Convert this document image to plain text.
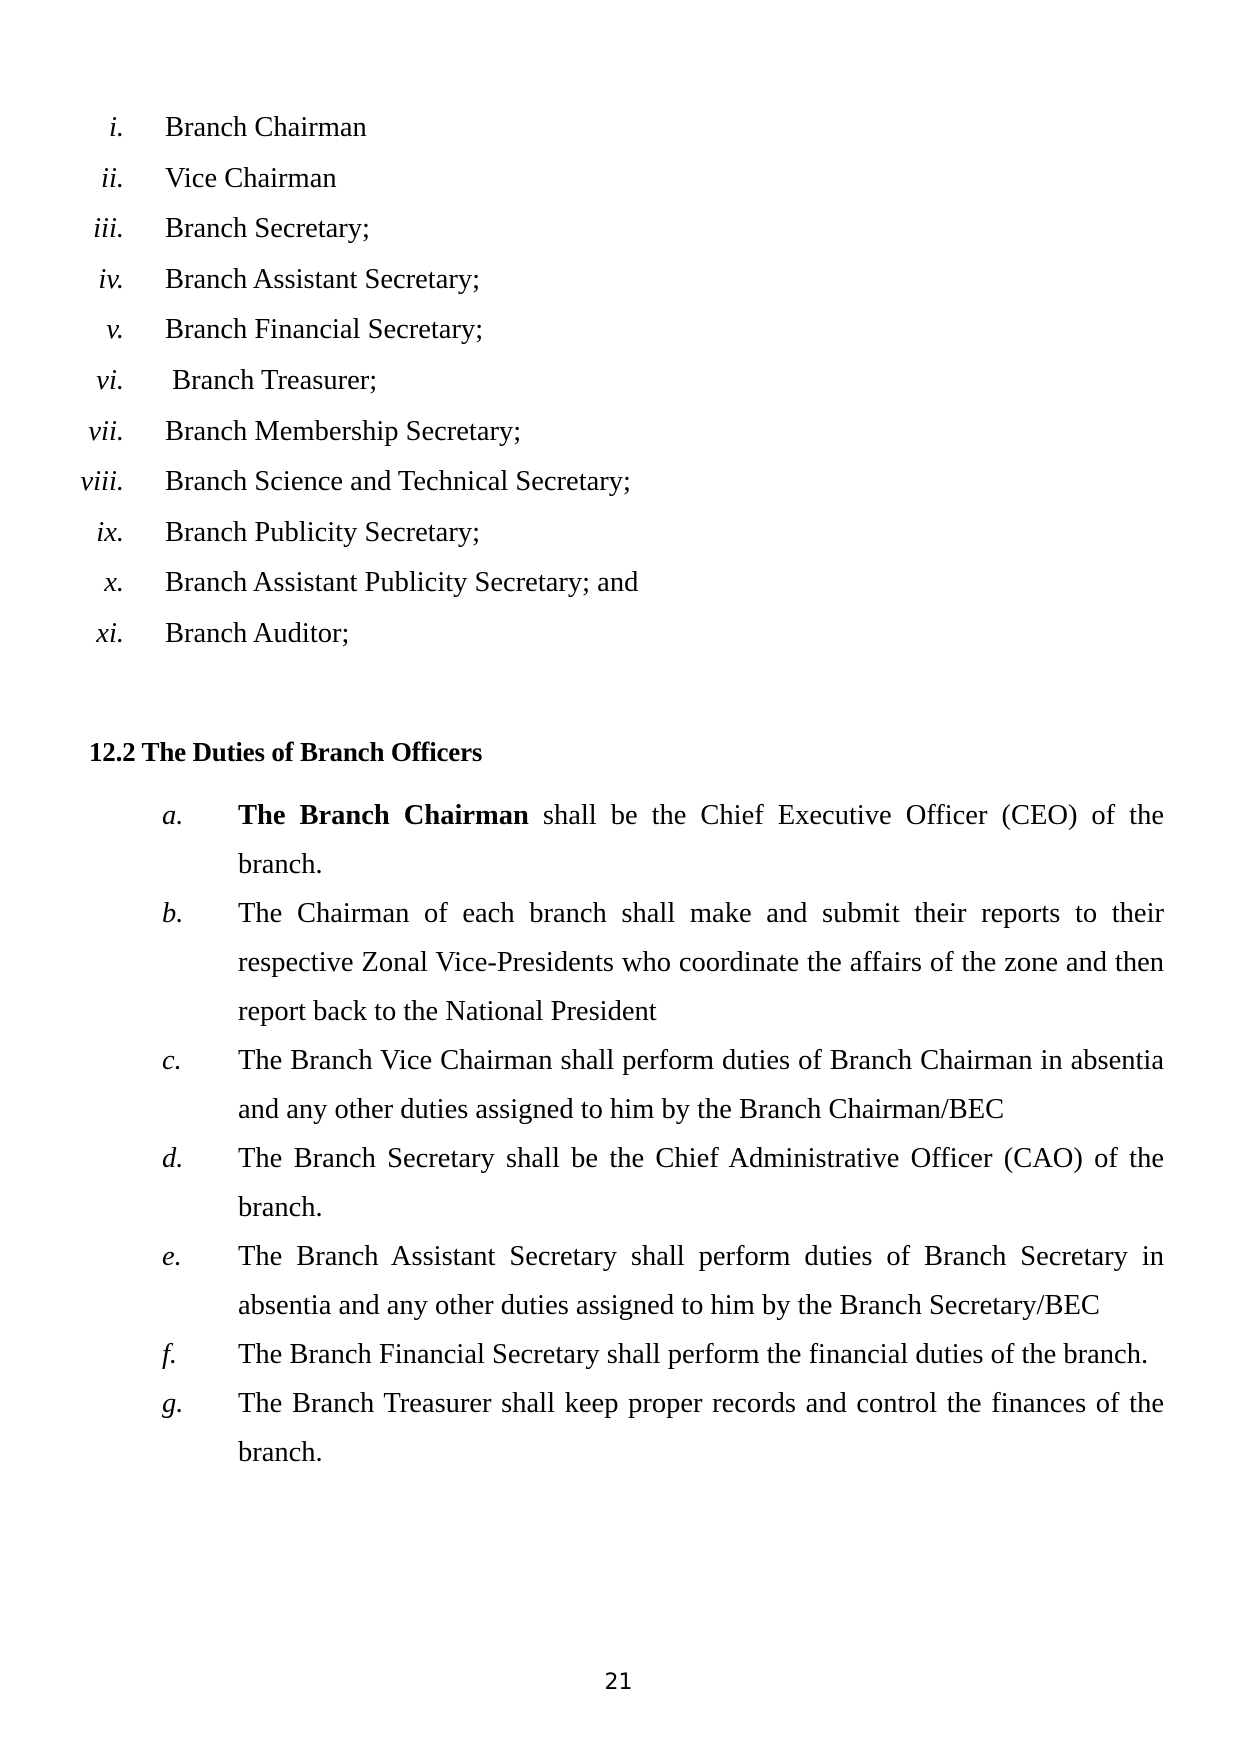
i.

Branch Chairman

ii.

Vice Chairman

iii.

Branch Secretary;

iv.

Branch Assistant Secretary;

v.

Branch Financial Secretary;

vi.

Branch Treasurer;

vii.

Branch Membership Secretary;

viii.

Branch Science and Technical Secretary;

ix.

Branch Publicity Secretary;

x.

Branch Assistant Publicity Secretary; and

xi.

Branch Auditor;

12.2 The Duties of Branch Officers
a. The Branch Chairman shall be the Chief Executive Officer (CEO) of the branch.
b. The Chairman of each branch shall make and submit their reports to their respective Zonal Vice-Presidents who coordinate the affairs of the zone and then report back to the National President
c. The Branch Vice Chairman shall perform duties of Branch Chairman in absentia and any other duties assigned to him by the Branch Chairman/BEC
d. The Branch Secretary shall be the Chief Administrative Officer (CAO) of the branch.
e. The Branch Assistant Secretary shall perform duties of Branch Secretary in absentia and any other duties assigned to him by the Branch Secretary/BEC
f. The Branch Financial Secretary shall perform the financial duties of the branch.
g. The Branch Treasurer shall keep proper records and control the finances of the branch.
21
